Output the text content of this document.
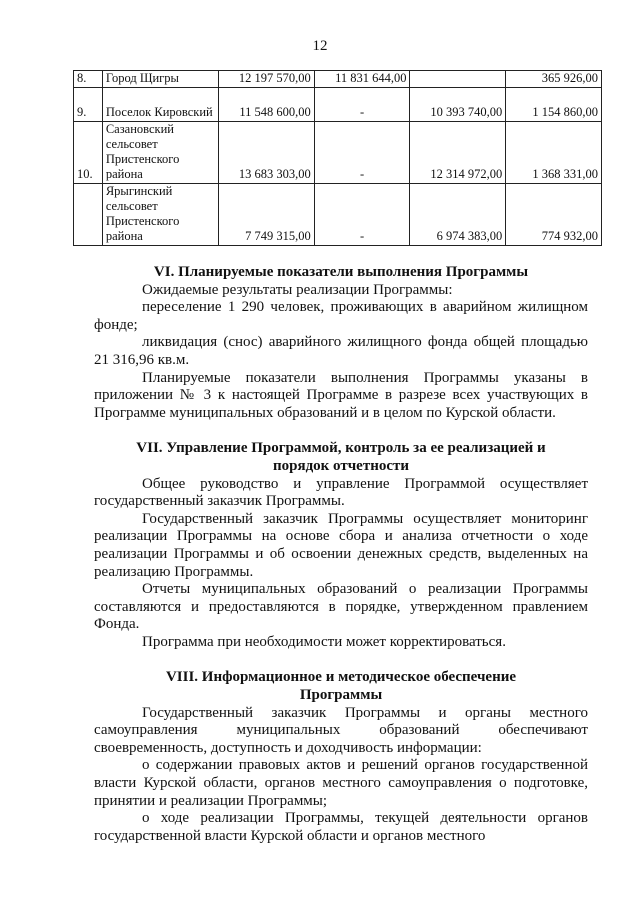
12
8.	Город Щигры	12 197 570,00	11 831 644,00		365 926,00
9.	Поселок Кировский	11 548 600,00	-	10 393 740,00	1 154 860,00
10.	Сазановский сельсовет Пристенского района	13 683 303,00	-	12 314 972,00	1 368 331,00
	Ярыгинский сельсовет Пристенского района	7 749 315,00	-	6 974 383,00	774 932,00
VI. Планируемые показатели выполнения Программы

Ожидаемые результаты реализации Программы:

переселение 1 290 человек, проживающих в аварийном жилищном фонде;

ликвидация (снос) аварийного жилищного фонда общей площадью 21 316,96 кв.м.

Планируемые показатели выполнения Программы указаны в приложении № 3 к настоящей Программе в разрезе всех участвующих в Программе муниципальных образований и в целом по Курской области.

VII. Управление Программой, контроль за ее реализацией и
порядок отчетности

Общее руководство и управление Программой осуществляет государственный заказчик Программы.

Государственный заказчик Программы осуществляет мониторинг реализации Программы на основе сбора и анализа отчетности о ходе реализации Программы и об освоении денежных средств, выделенных на реализацию Программы.

Отчеты муниципальных образований о реализации Программы составляются и предоставляются в порядке, утвержденном правлением Фонда.

Программа при необходимости может корректироваться.

VIII. Информационное и методическое обеспечение
Программы

Государственный заказчик Программы и органы местного самоуправления муниципальных образований обеспечивают своевременность, доступность и доходчивость информации:

о содержании правовых актов и решений органов государственной власти Курской области, органов местного самоуправления о подготовке, принятии и реализации Программы;

о ходе реализации Программы, текущей деятельности органов государственной власти Курской области и органов местного
